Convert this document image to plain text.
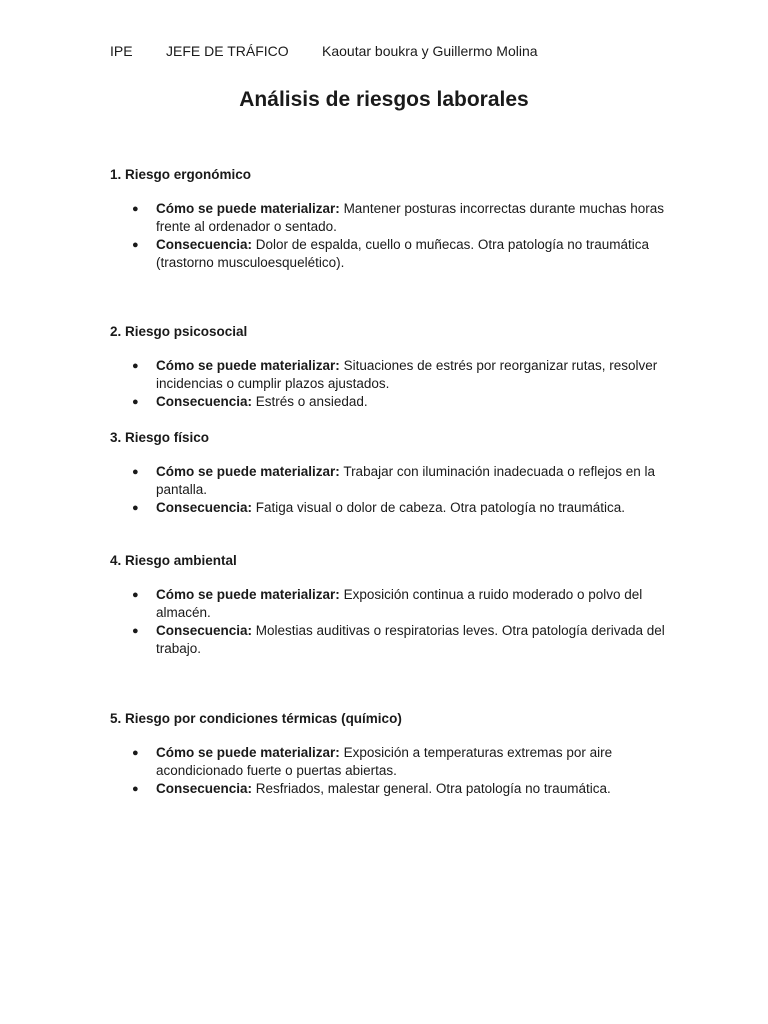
IPE JEFE DE TRÁFICO Kaoutar boukra y Guillermo Molina
Análisis de riesgos laborales

1. Riesgo ergonómico

● Cómo se puede materializar: Mantener posturas incorrectas durante muchas horas frente al ordenador o sentado.
● Consecuencia: Dolor de espalda, cuello o muñecas. Otra patología no traumática (trastorno musculoesquelético).

2. Riesgo psicosocial

● Cómo se puede materializar: Situaciones de estrés por reorganizar rutas, resolver incidencias o cumplir plazos ajustados.
● Consecuencia: Estrés o ansiedad.

3. Riesgo físico

● Cómo se puede materializar: Trabajar con iluminación inadecuada o reflejos en la pantalla.
● Consecuencia: Fatiga visual o dolor de cabeza. Otra patología no traumática.

4. Riesgo ambiental

● Cómo se puede materializar: Exposición continua a ruido moderado o polvo del almacén.
● Consecuencia: Molestias auditivas o respiratorias leves. Otra patología derivada del trabajo.

5. Riesgo por condiciones térmicas (químico)

● Cómo se puede materializar: Exposición a temperaturas extremas por aire acondicionado fuerte o puertas abiertas.
● Consecuencia: Resfriados, malestar general. Otra patología no traumática.
